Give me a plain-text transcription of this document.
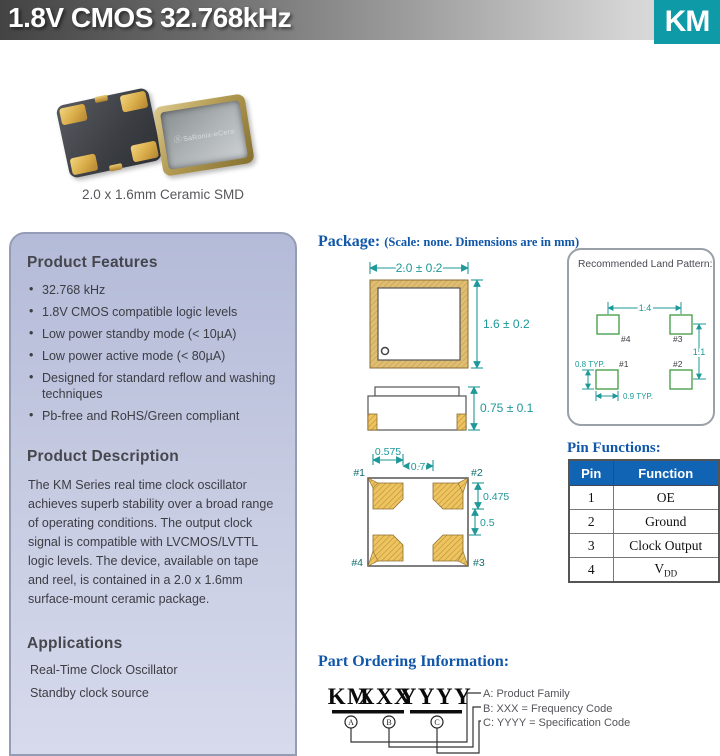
1.8V CMOS 32.768kHz	KM
ⓈSaRonix-eCera
2.0 x 1.6mm Ceramic SMD
Product Features
• 32.768 kHz
• 1.8V CMOS compatible logic levels
• Low power standby mode (< 10µA)
• Low power active mode (< 80µA)
• Designed for standard reflow and washing techniques
• Pb-free and RoHS/Green compliant
Product Description

The KM Series real time clock oscillator achieves superb stability over a broad range of operating conditions. The output clock signal is compatible with LVCMOS/LVTTL logic levels. The device, available on tape and reel, is contained in a 2.0 x 1.6mm surface-mount ceramic package.

Applications
Real-Time Clock Oscillator
Standby clock source
Package: (Scale: none. Dimensions are in mm)
2.0 ± 0.2
1.6 ± 0.2
0.75 ± 0.1
0.575
0.7
#1	#2
#3
#4
0.475
0.5
Recommended Land Pattern:
#4	#3
#1	#2
1.4
1.1
0.8 TYP.
0.9 TYP.
Pin Functions:
Pin	Function
1	OE
2	Ground
3	Clock Output
4	$V_{DD}$
Part Ordering Information:
KM
XXX
YYYY
A	B	C
A: Product Family
B: XXX = Frequency Code
C: YYYY = Specification Code
